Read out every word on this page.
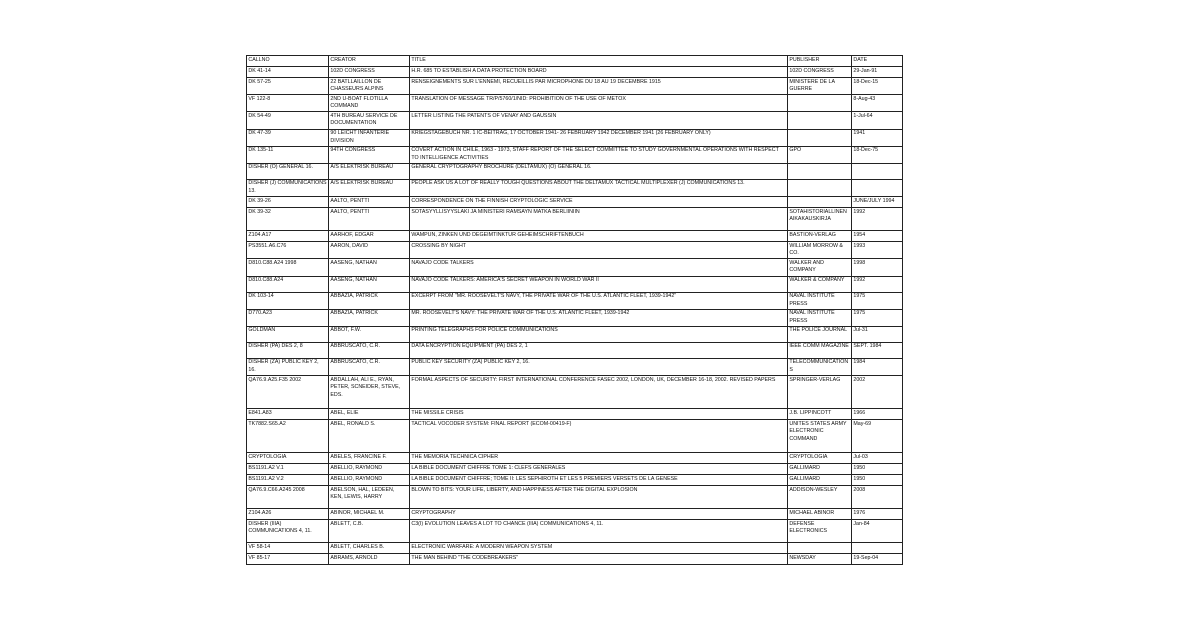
CALLNO	CREATOR	TITLE	PUBLISHER	DATE
DK 41-14	102D CONGRESS	H.R. 685 TO ESTABLISH A DATA PROTECTION BOARD	102D CONGRESS	29-Jan-91
DK 57-25	22 BATLLAILLON DE CHASSEURS ALPINS	RENSEIGNEMENTS SUR L'ENNEMI, RECUEILLIS PAR MICROPHONE DU 18 AU 19 DECEMBRE 1915	MINISTERE DE LA GUERRE	18-Dec-15
VF 122-8	2ND U-BOAT FLOTILLA COMMAND	TRANSLATION OF MESSAGE TR/P/5760/1/NID: PROHIBITION OF THE USE OF METOX		8-Aug-43
DK 54-49	4TH BUREAU SERVICE DE DOCUMENTATION	LETTER LISTING THE PATENTS OF VENAY AND GAUSSIN		1-Jul-64
DK 47-39	90 LEICHT INFANTERIE DIVISION	KRIEGSTAGEBUCH NR. 1 IC-BEITRAG, 17 OCTOBER 1941- 26 FEBRUARY 1942 DECEMBER 1941 (26 FEBRUARY ONLY)		1941
DK 135-11	94TH CONGRESS	COVERT ACTION IN CHILE, 1963 - 1973, STAFF REPORT OF THE SELECT COMMITTEE TO STUDY GOVERNMENTAL OPERATIONS WITH RESPECT TO INTELLIGENCE ACTIVITIES	GPO	18-Dec-75
DISHER (O) GENERAL 16.	A/S ELEKTRISK BUREAU	GENERAL CRYPTOGRAPHY BROCHURE (DELTAMUX) (O) GENERAL 16.		
DISHER (J) COMMUNICATIONS 13.	A/S ELEKTRISK BUREAU	PEOPLE ASK US A LOT OF REALLY TOUGH QUESTIONS ABOUT THE DELTAMUX TACTICAL MULTIPLEXER (J) COMMUNICATIONS 13.		
DK 39-26	AALTO, PENTTI	CORRESPONDENCE ON THE FINNISH CRYPTOLOGIC SERVICE		JUNE/JULY 1994
DK 39-32	AALTO, PENTTI	SOTASYYLLISYYSLAKI JA MINISTERI RAMSAYN MATKA BERLIINIIN	SOTAHISTORIALLINEN AIKAKAUSKIRJA	1992
Z104.A17	AARHOF, EDGAR	WAMPUN, ZINKEN UND DEGEIMTINKTUR GEHEIMSCHRIFTENBUCH	BASTION-VERLAG	1954
PS3551.A6.C76	AARON, DAVID	CROSSING BY NIGHT	WILLIAM MORROW & CO.	1993
D810.C88.A24 1998	AASENG, NATHAN	NAVAJO CODE TALKERS	WALKER AND COMPANY	1998
D810.C88.A24	AASENG, NATHAN	NAVAJO CODE TALKERS: AMERICA'S SECRET WEAPON IN WORLD WAR II	WALKER & COMPANY	1992
DK 103-14	ABBAZIA, PATRICK	EXCERPT FROM "MR. ROOSEVELT'S NAVY, THE PRIVATE WAR OF THE U.S. ATLANTIC FLEET, 1939-1942"	NAVAL INSTITUTE PRESS	1975
D770.A23	ABBAZIA, PATRICK	MR. ROOSEVELT'S NAVY: THE PRIVATE WAR OF THE U.S. ATLANTIC FLEET, 1939-1942	NAVAL INSTITUTE PRESS	1975
GOLDMAN	ABBOT, F.W.	PRINTING TELEGRAPHS FOR POLICE COMMUNICATIONS	THE POLICE JOURNAL	Jul-31
DISHER (PA) DES 2, 8	ABBRUSCATO, C.R.	DATA ENCRYPTION EQUIPMENT (PA) DES 2, 1	IEEE COMM MAGAZINE	SEPT. 1984
DISHER (ZA) PUBLIC KEY 2, 16.	ABBRUSCATO, C.R.	PUBLIC KEY SECURITY (ZA) PUBLIC KEY 2, 16.	TELECOMMUNICATIONS	1984
QA76.9.A25.F35 2002	ABDALLAH, ALI E., RYAN, PETER, SCNEIDER, STEVE, EDS.	FORMAL ASPECTS OF SECURITY: FIRST INTERNATIONAL CONFERENCE FASEC 2002, LONDON, UK, DECEMBER 16-18, 2002. REVISED PAPERS	SPRINGER-VERLAG	2002
E841.A83	ABEL, ELIE	THE MISSILE CRISIS	J.B. LIPPINCOTT	1966
TK7882.S65.A2	ABEL, RONALD S.	TACTICAL VOCODER SYSTEM: FINAL REPORT (ECOM-00419-F)	UNITES STATES ARMY ELECTRONIC COMMAND	May-69
CRYPTOLOGIA	ABELES, FRANCINE F.	THE MEMORIA TECHNICA CIPHER	CRYPTOLOGIA	Jul-03
BS1191.A2 V.1	ABELLIO, RAYMOND	LA BIBLE DOCUMENT CHIFFRE TOME 1: CLEFS GENERALES	GALLIMARD	1950
BS1191.A2 V.2	ABELLIO, RAYMOND	LA BIBLE DOCUMENT CHIFFRE; TOME II: LES SEPHIROTH ET LES 5 PREMIERS VERSETS DE LA GENESE	GALLIMARD	1950
QA76.9.C66.A245 2008	ABELSON, HAL, LEDEEN, KEN, LEWIS, HARRY	BLOWN TO BITS: YOUR LIFE, LIBERTY, AND HAPPINESS AFTER THE DIGITAL EXPLOSION	ADDISON-WESLEY	2008
Z104.A26	ABINOR, MICHAEL M.	CRYPTOGRAPHY	MICHAEL ABINOR	1976
DISHER (IIIA) COMMUNICATIONS 4, 11.	ABLETT, C.B.	C3(I) EVOLUTION LEAVES A LOT TO CHANCE (IIIA) COMMUNICATIONS 4, 11.	DEFENSE ELECTRONICS	Jan-84
VF 58-14	ABLETT, CHARLES B.	ELECTRONIC WARFARE: A MODERN WEAPON SYSTEM		
VF 85-17	ABRAMS, ARNOLD	THE MAN BEHIND "THE CODEBREAKERS"	NEWSDAY	19-Sep-04
